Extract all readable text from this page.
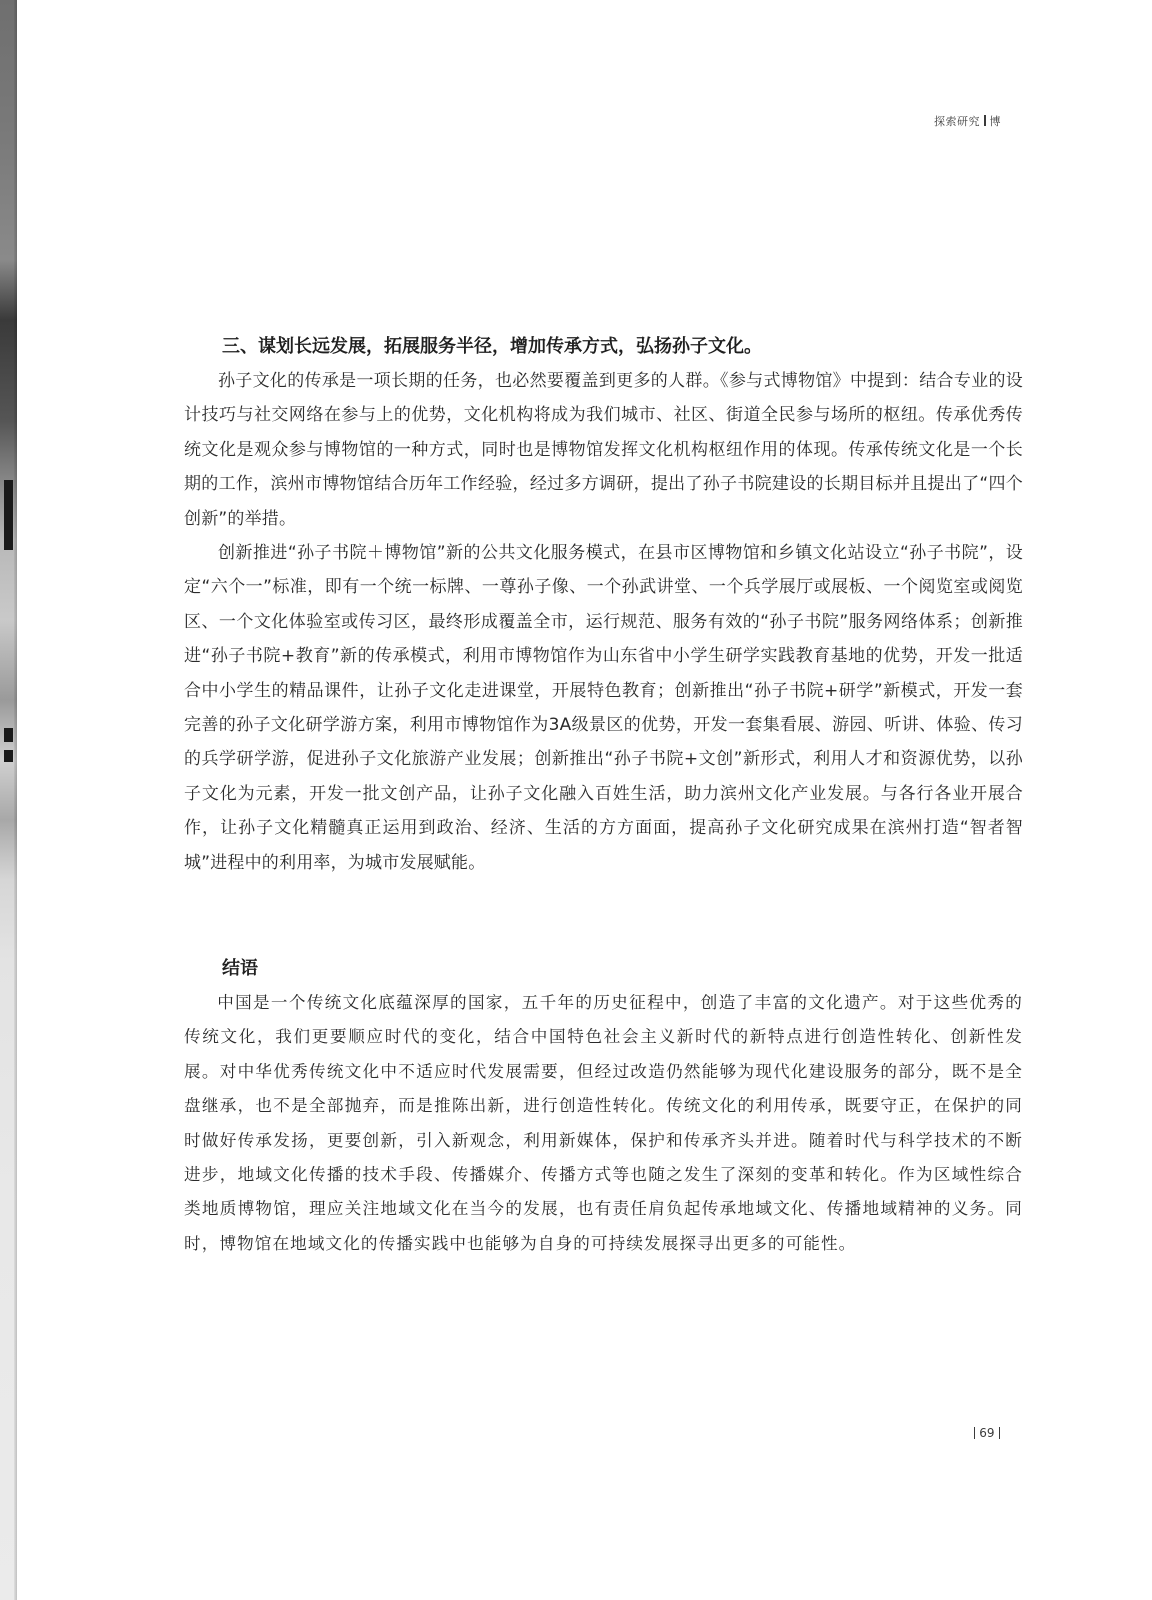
探索研究 博
三、谋划长远发展，拓展服务半径，增加传承方式，弘扬孙子文化。

孙子文化的传承是一项长期的任务，也必然要覆盖到更多的人群。《参与式博物馆》中提到：结合专业的设计技巧与社交网络在参与上的优势，文化机构将成为我们城市、社区、街道全民参与场所的枢纽。传承优秀传统文化是观众参与博物馆的一种方式，同时也是博物馆发挥文化机构枢纽作用的体现。传承传统文化是一个长期的工作，滨州市博物馆结合历年工作经验，经过多方调研，提出了孙子书院建设的长期目标并且提出了“四个创新”的举措。

创新推进“孙子书院＋博物馆”新的公共文化服务模式，在县市区博物馆和乡镇文化站设立“孙子书院”，设定“六个一”标准，即有一个统一标牌、一尊孙子像、一个孙武讲堂、一个兵学展厅或展板、一个阅览室或阅览区、一个文化体验室或传习区，最终形成覆盖全市，运行规范、服务有效的“孙子书院”服务网络体系；创新推进“孙子书院+教育”新的传承模式，利用市博物馆作为山东省中小学生研学实践教育基地的优势，开发一批适合中小学生的精品课件，让孙子文化走进课堂，开展特色教育；创新推出“孙子书院+研学”新模式，开发一套完善的孙子文化研学游方案，利用市博物馆作为3A级景区的优势，开发一套集看展、游园、听讲、体验、传习的兵学研学游，促进孙子文化旅游产业发展；创新推出“孙子书院+文创”新形式，利用人才和资源优势，以孙子文化为元素，开发一批文创产品，让孙子文化融入百姓生活，助力滨州文化产业发展。与各行各业开展合作，让孙子文化精髓真正运用到政治、经济、生活的方方面面，提高孙子文化研究成果在滨州打造“智者智城”进程中的利用率，为城市发展赋能。

结语

中国是一个传统文化底蕴深厚的国家，五千年的历史征程中，创造了丰富的文化遗产。对于这些优秀的传统文化，我们更要顺应时代的变化，结合中国特色社会主义新时代的新特点进行创造性转化、创新性发展。对中华优秀传统文化中不适应时代发展需要，但经过改造仍然能够为现代化建设服务的部分，既不是全盘继承，也不是全部抛弃，而是推陈出新，进行创造性转化。传统文化的利用传承，既要守正，在保护的同时做好传承发扬，更要创新，引入新观念，利用新媒体，保护和传承齐头并进。随着时代与科学技术的不断进步，地域文化传播的技术手段、传播媒介、传播方式等也随之发生了深刻的变革和转化。作为区域性综合类地质博物馆，理应关注地域文化在当今的发展，也有责任肩负起传承地域文化、传播地域精神的义务。同时，博物馆在地域文化的传播实践中也能够为自身的可持续发展探寻出更多的可能性。

69
